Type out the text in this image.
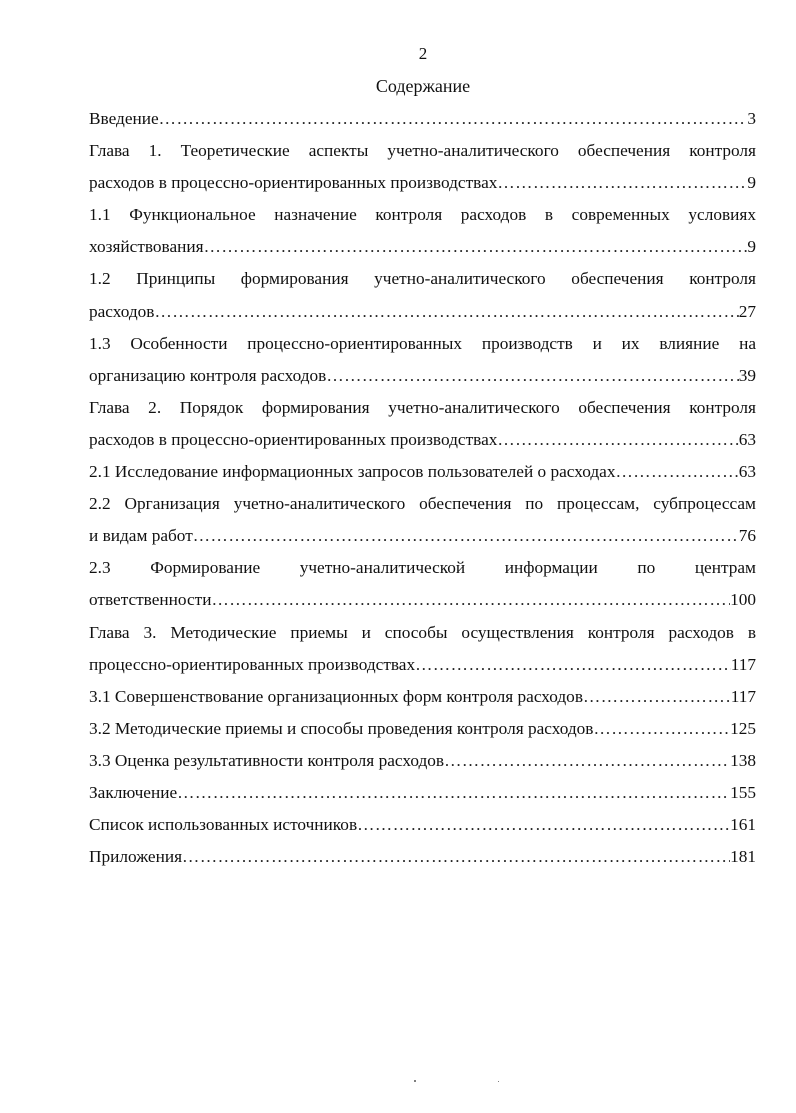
2
Содержание
Введение ………………………………………………………………………………………………………………………………………………	3
Глава 1. Теоретические аспекты учетно-аналитического обеспечения контроля
расходов в процессно-ориентированных производствах ………………………………………………………………………………………………………………………………………………	9
1.1 Функциональное назначение контроля расходов в современных условиях
хозяйствования ………………………………………………………………………………………………………………………………………………	9
1.2 Принципы формирования учетно-аналитического обеспечения контроля
расходов ………………………………………………………………………………………………………………………………………………	27
1.3 Особенности процессно-ориентированных производств и их влияние на
организацию контроля расходов ………………………………………………………………………………………………………………………………………………	39
Глава 2. Порядок формирования учетно-аналитического обеспечения контроля
расходов в процессно-ориентированных производствах ………………………………………………………………………………………………………………………………………………	63
2.1 Исследование информационных запросов пользователей о расходах ………………………………………………………………………………………………………………………………………………	63
2.2 Организация учетно-аналитического обеспечения по процессам, субпроцессам
и видам работ ………………………………………………………………………………………………………………………………………………	76
2.3 Формирование учетно-аналитической информации по центрам
ответственности ………………………………………………………………………………………………………………………………………………	100
Глава 3. Методические приемы и способы осуществления контроля расходов в
процессно-ориентированных производствах ………………………………………………………………………………………………………………………………………………	117
3.1 Совершенствование организационных форм контроля расходов ………………………………………………………………………………………………………………………………………………	117
3.2 Методические приемы и способы проведения контроля расходов ………………………………………………………………………………………………………………………………………………	125
3.3 Оценка результативности контроля расходов ………………………………………………………………………………………………………………………………………………	138
Заключение ………………………………………………………………………………………………………………………………………………	155
Список использованных источников ………………………………………………………………………………………………………………………………………………	161
Приложения ………………………………………………………………………………………………………………………………………………	181
